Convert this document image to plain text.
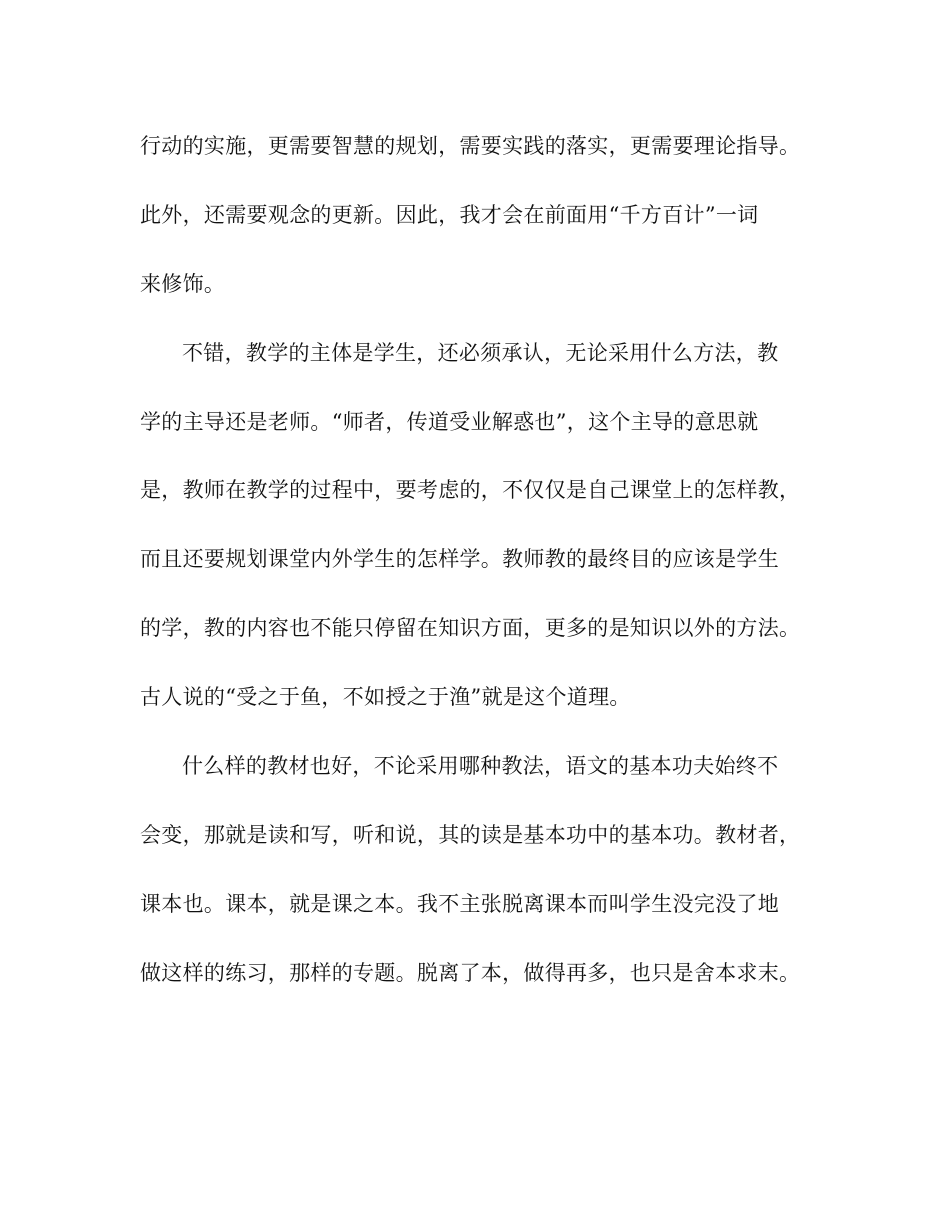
行动的实施，更需要智慧的规划，需要实践的落实，更需要理论指导。
此外，还需要观念的更新。因此，我才会在前面用“千方百计”一词
来修饰。
不错，教学的主体是学生，还必须承认，无论采用什么方法，教
学的主导还是老师。“师者，传道受业解惑也”，这个主导的意思就
是，教师在教学的过程中，要考虑的，不仅仅是自己课堂上的怎样教，
而且还要规划课堂内外学生的怎样学。教师教的最终目的应该是学生
的学，教的内容也不能只停留在知识方面，更多的是知识以外的方法。
古人说的“受之于鱼，不如授之于渔”就是这个道理。
什么样的教材也好，不论采用哪种教法，语文的基本功夫始终不
会变，那就是读和写，听和说，其的读是基本功中的基本功。教材者，
课本也。课本，就是课之本。我不主张脱离课本而叫学生没完没了地
做这样的练习，那样的专题。脱离了本，做得再多，也只是舍本求末。
